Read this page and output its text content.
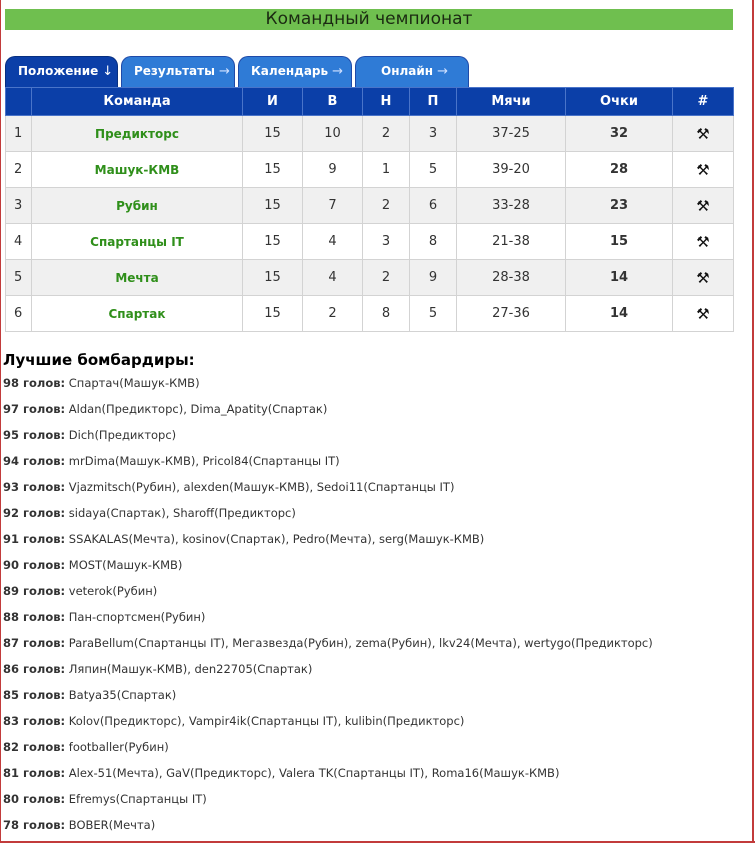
Командный чемпионат
Положение ↓	Результаты →	Календарь →	Онлайн →
	Команда	И	В	Н	П	Мячи	Очки	#
1	Предикторс	15	10	2	3	37-25	32	⚒
2	Машук-КМВ	15	9	1	5	39-20	28	⚒
3	Рубин	15	7	2	6	33-28	23	⚒
4	Спартанцы IT	15	4	3	8	21-38	15	⚒
5	Мечта	15	4	2	9	28-38	14	⚒
6	Спартак	15	2	8	5	27-36	14	⚒
Лучшие бомбардиры:
98 голов: Спартач(Машук-КМВ)
97 голов: Aldan(Предикторс), Dima_Apatity(Спартак)
95 голов: Dich(Предикторс)
94 голов: mrDima(Машук-КМВ), Pricol84(Спартанцы IT)
93 голов: Vjazmitsch(Рубин), alexden(Машук-КМВ), Sedoi11(Спартанцы IT)
92 голов: sidaya(Спартак), Sharoff(Предикторс)
91 голов: SSAKALAS(Мечта), kosinov(Спартак), Pedro(Мечта), serg(Машук-КМВ)
90 голов: MOST(Машук-КМВ)
89 голов: veterok(Рубин)
88 голов: Пан-спортсмен(Рубин)
87 голов: ParaBellum(Спартанцы IT), Мегазвезда(Рубин), zema(Рубин), lkv24(Мечта), wertygo(Предикторс)
86 голов: Ляпин(Машук-КМВ), den22705(Спартак)
85 голов: Batya35(Спартак)
83 голов: Kolov(Предикторс), Vampir4ik(Спартанцы IT), kulibin(Предикторс)
82 голов: footballer(Рубин)
81 голов: Alex-51(Мечта), GaV(Предикторс), Valera TK(Спартанцы IT), Roma16(Машук-КМВ)
80 голов: Efremys(Спартанцы IT)
78 голов: BOBER(Мечта)
